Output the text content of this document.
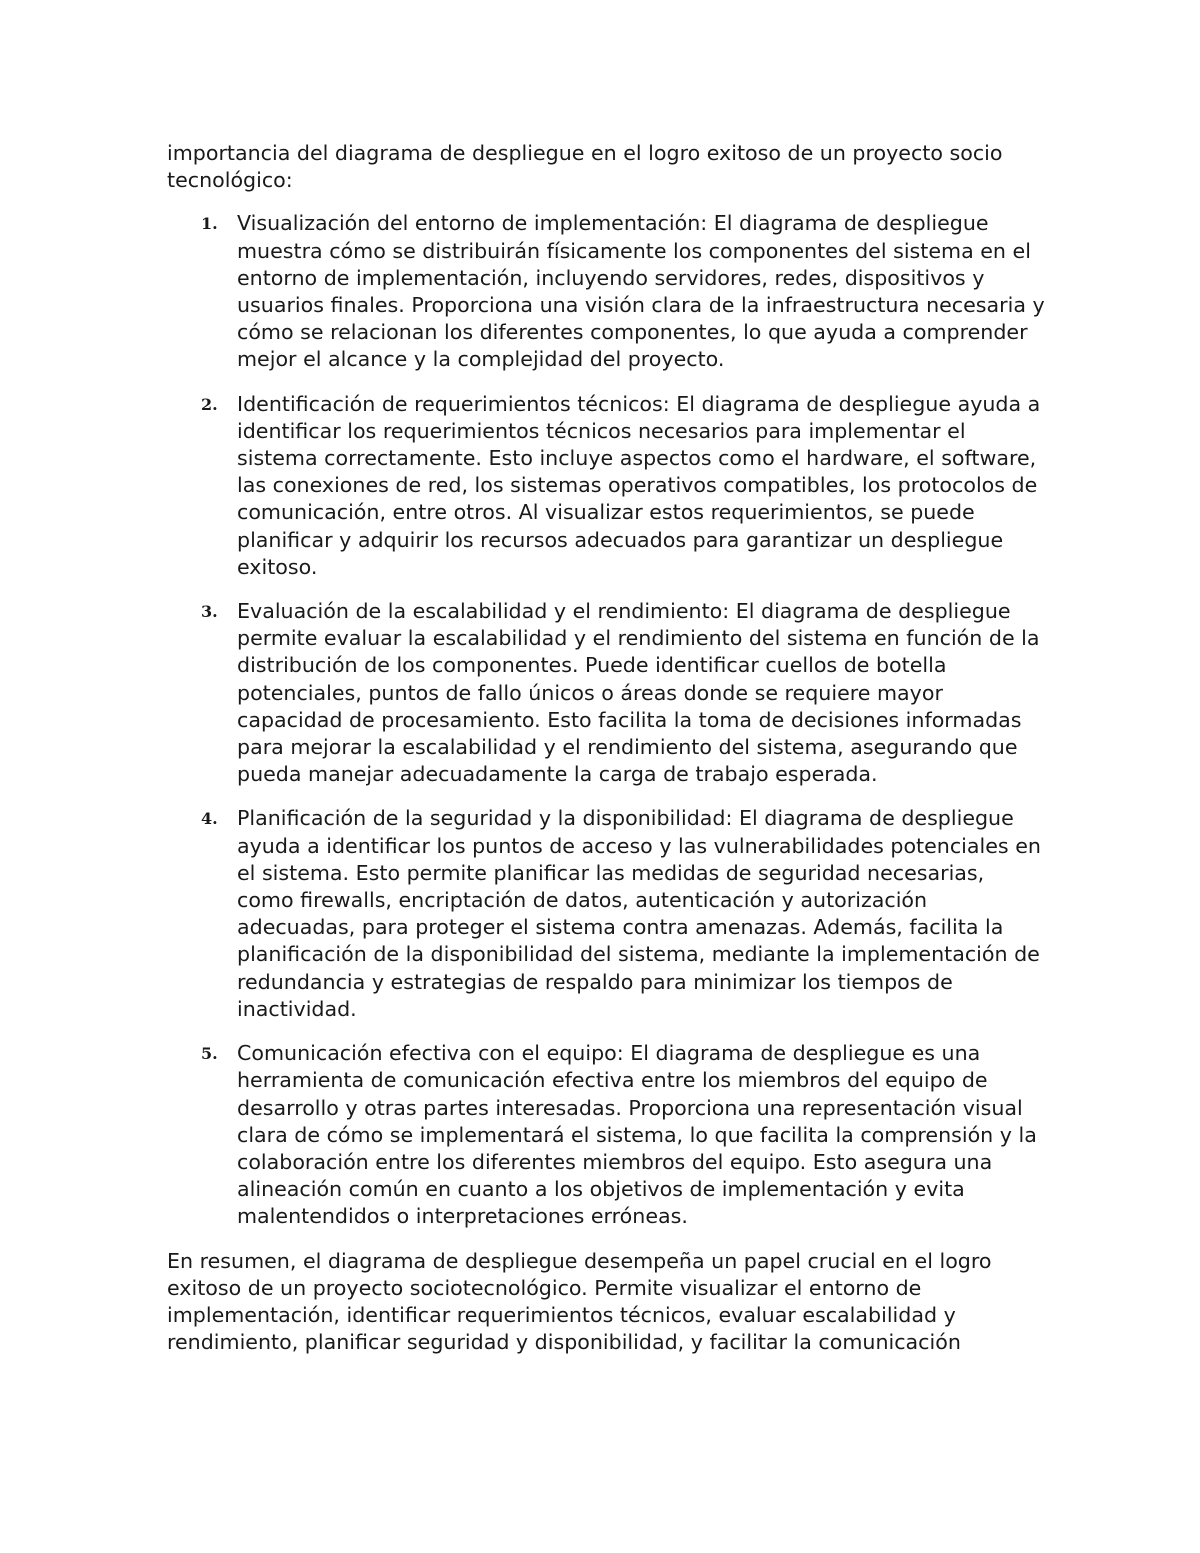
importancia del diagrama de despliegue en el logro exitoso de un proyecto socio tecnológico:

1. Visualización del entorno de implementación: El diagrama de despliegue muestra cómo se distribuirán físicamente los componentes del sistema en el entorno de implementación, incluyendo servidores, redes, dispositivos y usuarios finales. Proporciona una visión clara de la infraestructura necesaria y cómo se relacionan los diferentes componentes, lo que ayuda a comprender mejor el alcance y la complejidad del proyecto.
2. Identificación de requerimientos técnicos: El diagrama de despliegue ayuda a identificar los requerimientos técnicos necesarios para implementar el sistema correctamente. Esto incluye aspectos como el hardware, el software, las conexiones de red, los sistemas operativos compatibles, los protocolos de comunicación, entre otros. Al visualizar estos requerimientos, se puede planificar y adquirir los recursos adecuados para garantizar un despliegue exitoso.
3. Evaluación de la escalabilidad y el rendimiento: El diagrama de despliegue permite evaluar la escalabilidad y el rendimiento del sistema en función de la distribución de los componentes. Puede identificar cuellos de botella potenciales, puntos de fallo únicos o áreas donde se requiere mayor capacidad de procesamiento. Esto facilita la toma de decisiones informadas para mejorar la escalabilidad y el rendimiento del sistema, asegurando que pueda manejar adecuadamente la carga de trabajo esperada.
4. Planificación de la seguridad y la disponibilidad: El diagrama de despliegue ayuda a identificar los puntos de acceso y las vulnerabilidades potenciales en el sistema. Esto permite planificar las medidas de seguridad necesarias, como firewalls, encriptación de datos, autenticación y autorización adecuadas, para proteger el sistema contra amenazas. Además, facilita la planificación de la disponibilidad del sistema, mediante la implementación de redundancia y estrategias de respaldo para minimizar los tiempos de inactividad.
5. Comunicación efectiva con el equipo: El diagrama de despliegue es una herramienta de comunicación efectiva entre los miembros del equipo de desarrollo y otras partes interesadas. Proporciona una representación visual clara de cómo se implementará el sistema, lo que facilita la comprensión y la colaboración entre los diferentes miembros del equipo. Esto asegura una alineación común en cuanto a los objetivos de implementación y evita malentendidos o interpretaciones erróneas.

En resumen, el diagrama de despliegue desempeña un papel crucial en el logro exitoso de un proyecto sociotecnológico. Permite visualizar el entorno de implementación, identificar requerimientos técnicos, evaluar escalabilidad y rendimiento, planificar seguridad y disponibilidad, y facilitar la comunicación
